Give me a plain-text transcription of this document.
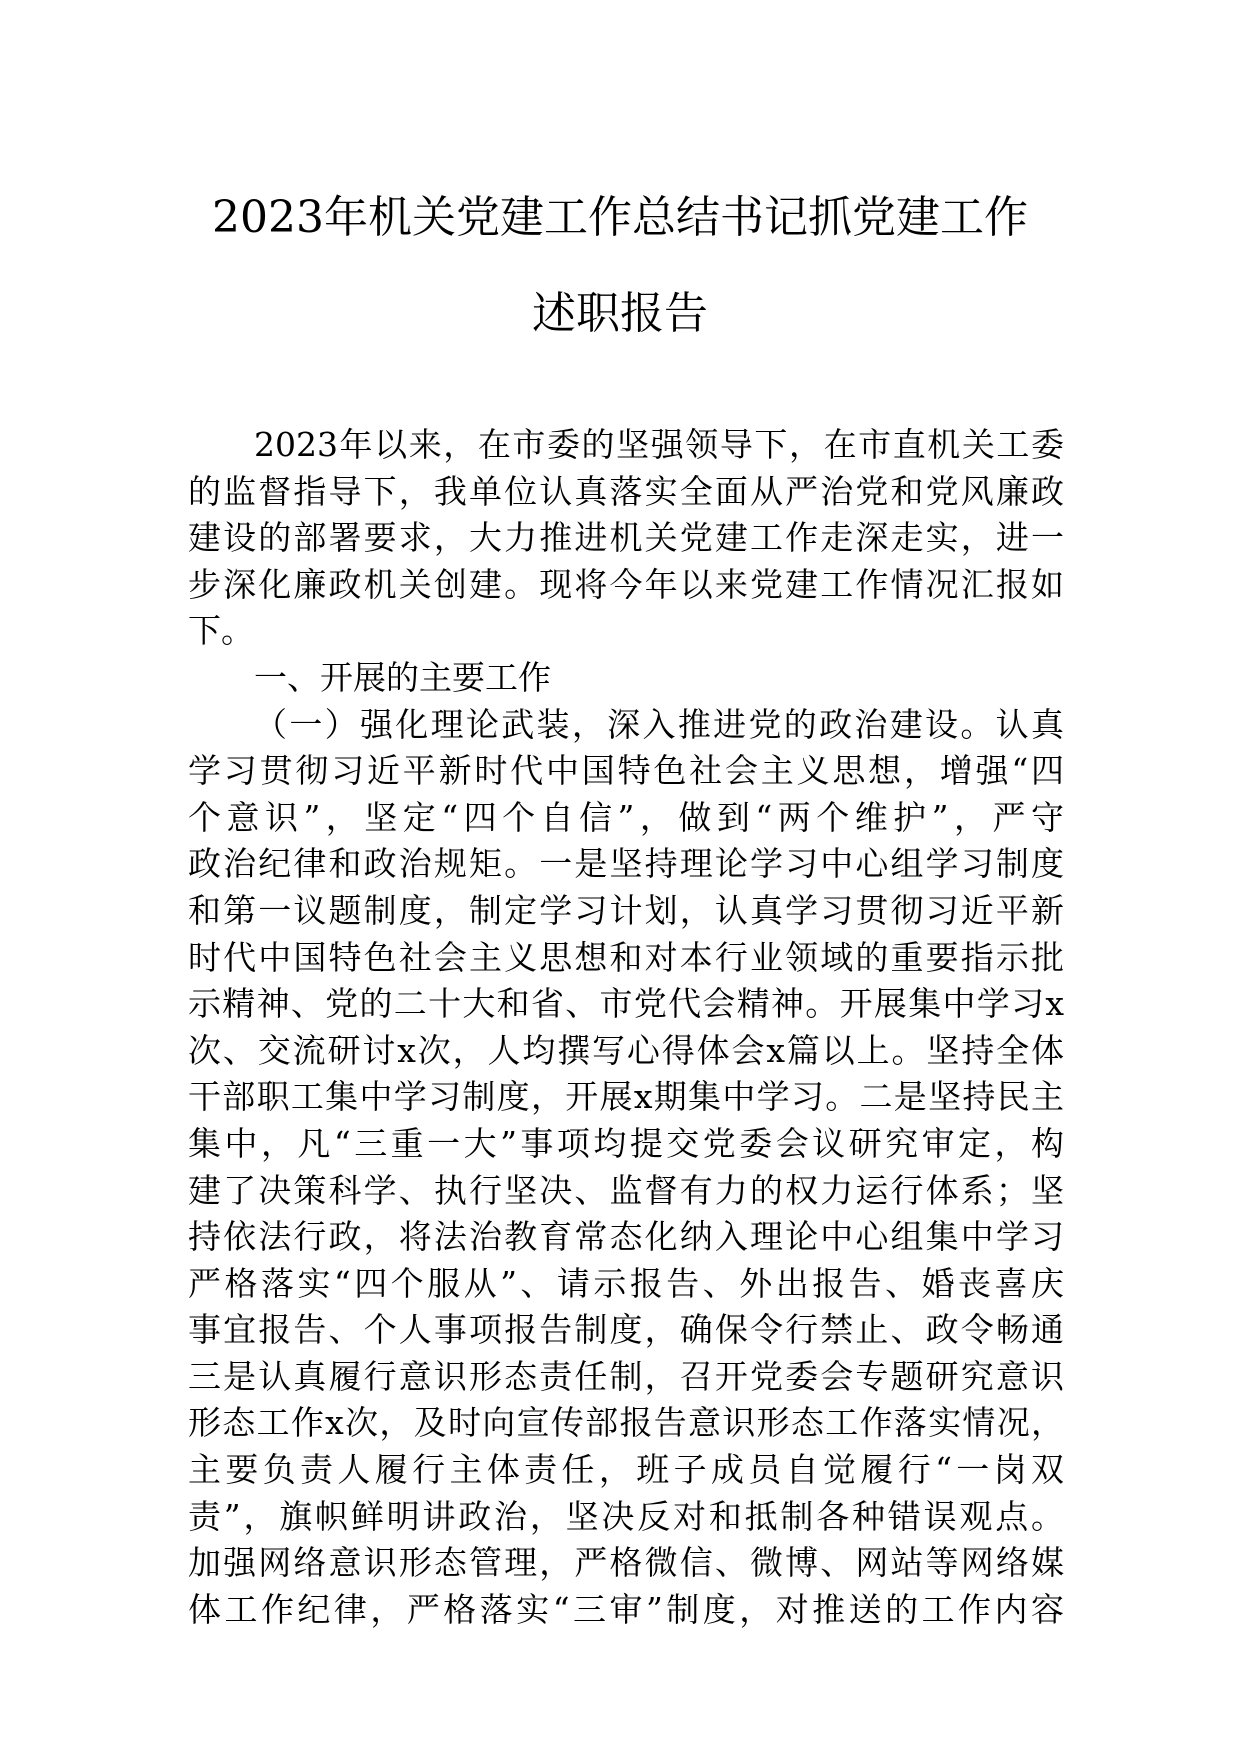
2023年机关党建工作总结书记抓党建工作
述职报告
2023年以来，在市委的坚强领导下，在市直机关工委
的监督指导下，我单位认真落实全面从严治党和党风廉政
建设的部署要求，大力推进机关党建工作走深走实，进一
步深化廉政机关创建。现将今年以来党建工作情况汇报如
下。
一、开展的主要工作
（一）强化理论武装，深入推进党的政治建设。认真
学习贯彻习近平新时代中国特色社会主义思想，增强“四
个意识”，坚定“四个自信”，做到“两个维护”，严守
政治纪律和政治规矩。一是坚持理论学习中心组学习制度
和第一议题制度，制定学习计划，认真学习贯彻习近平新
时代中国特色社会主义思想和对本行业领域的重要指示批
示精神、党的二十大和省、市党代会精神。开展集中学习x
次、交流研讨x次，人均撰写心得体会x篇以上。坚持全体
干部职工集中学习制度，开展x期集中学习。二是坚持民主
集中，凡“三重一大”事项均提交党委会议研究审定，构
建了决策科学、执行坚决、监督有力的权力运行体系；坚
持依法行政，将法治教育常态化纳入理论中心组集中学习
严格落实“四个服从”、请示报告、外出报告、婚丧喜庆
事宜报告、个人事项报告制度，确保令行禁止、政令畅通
三是认真履行意识形态责任制，召开党委会专题研究意识
形态工作x次，及时向宣传部报告意识形态工作落实情况，
主要负责人履行主体责任，班子成员自觉履行“一岗双
责”，旗帜鲜明讲政治，坚决反对和抵制各种错误观点。
加强网络意识形态管理，严格微信、微博、网站等网络媒
体工作纪律，严格落实“三审”制度，对推送的工作内容
